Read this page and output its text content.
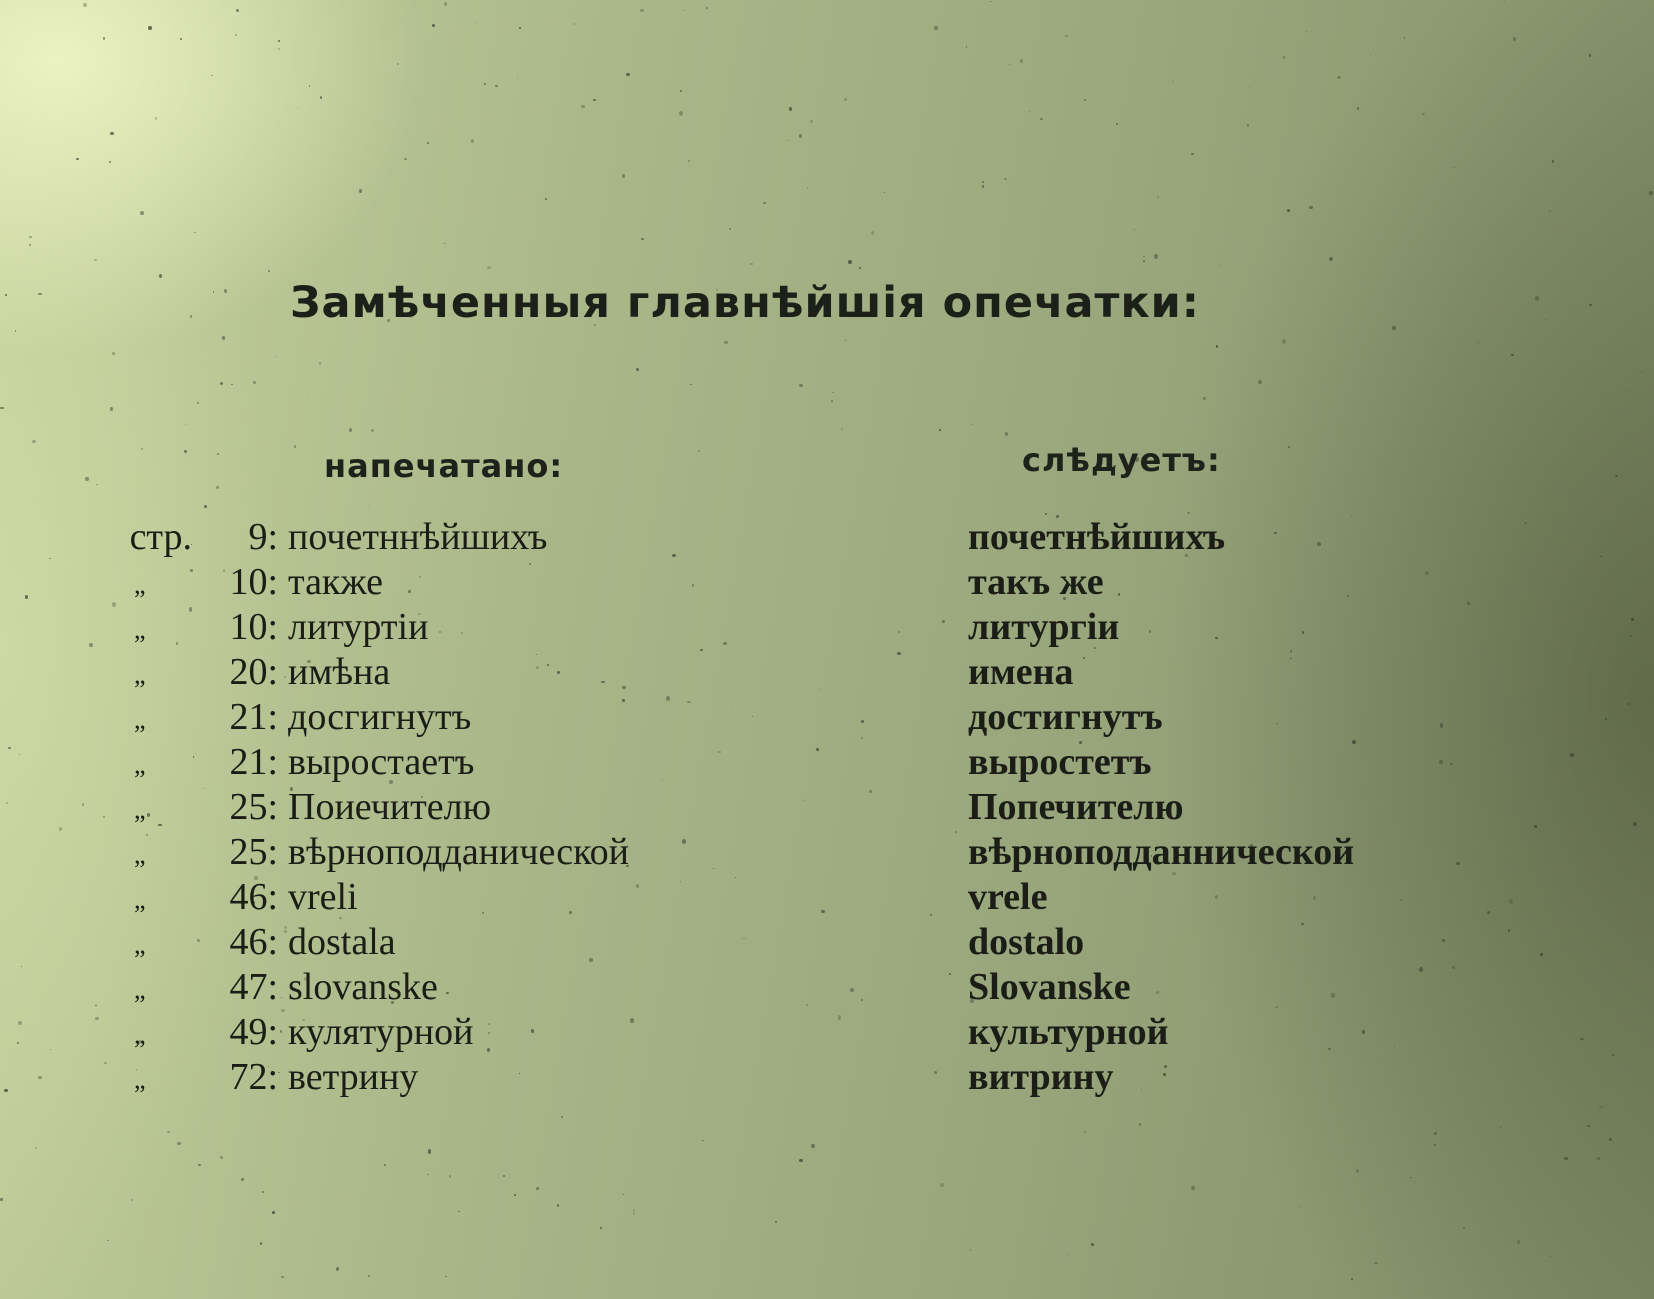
Замѣченныя главнѣйшія опечатки:
напечатано:	слѣдуетъ:
стр.	9: почетннѣйшихъ	почетнѣйшихъ
„	10: также	такъ же
„	10: литуртіи	литургіи
„	20: имѣна	имена
„	21: досгигнутъ	достигнутъ
„	21: выростаетъ	выростетъ
„	25: Поиечителю	Попечителю
„	25: вѣрноподданической	вѣрноподданнической
„	46: vreli	vrele
„	46: dostala	dostalo
„	47: slovanske	Slovanske
„	49: кулятурной	культурной
„	72: ветрину	витрину
